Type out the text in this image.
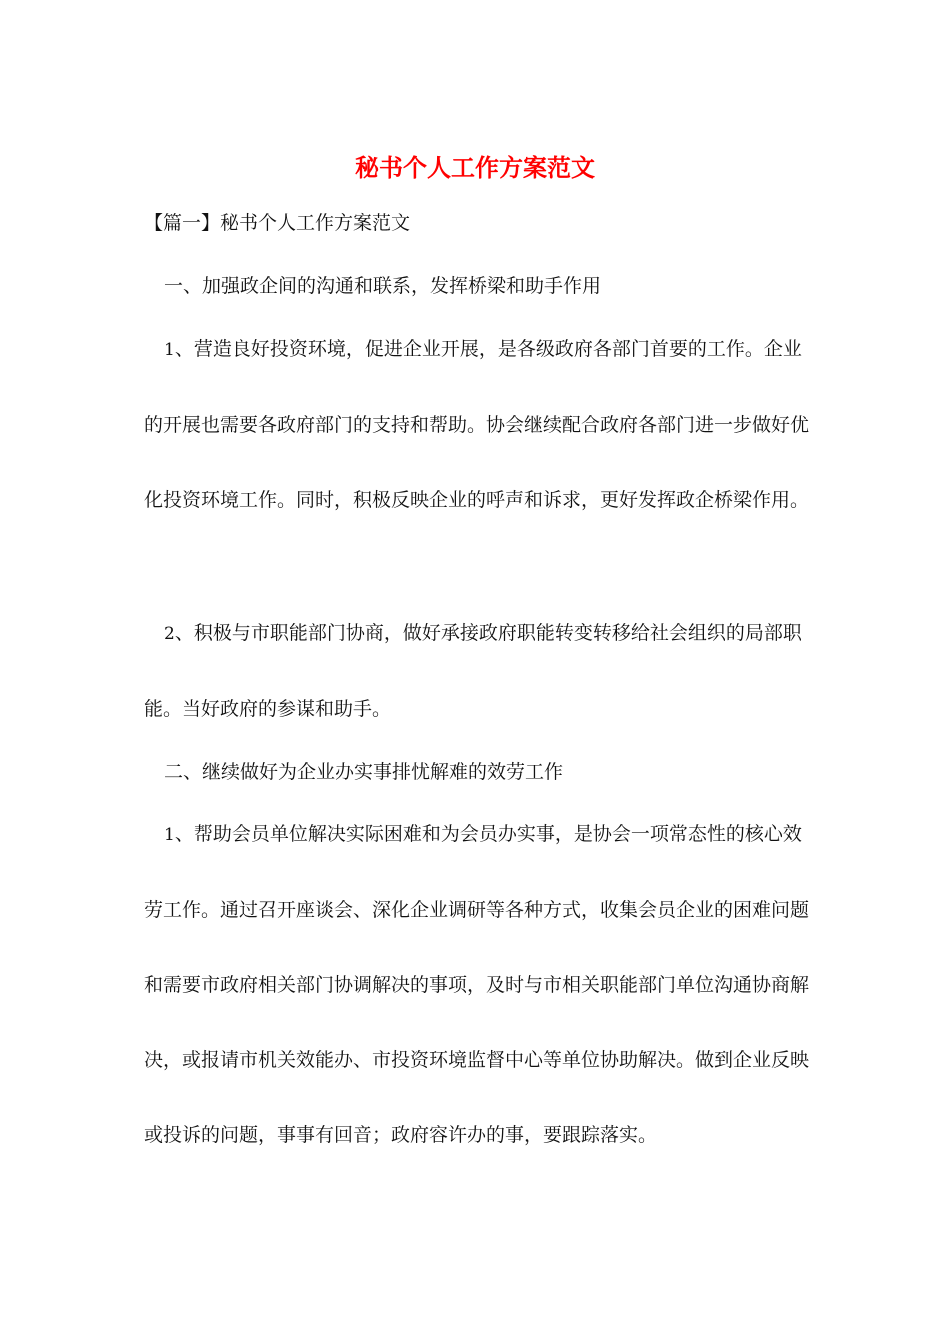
秘书个人工作方案范文

【篇一】秘书个人工作方案范文

一、加强政企间的沟通和联系，发挥桥梁和助手作用

1、营造良好投资环境，促进企业开展，是各级政府各部门首要的工作。企业的开展也需要各政府部门的支持和帮助。协会继续配合政府各部门进一步做好优化投资环境工作。同时，积极反映企业的呼声和诉求，更好发挥政企桥梁作用。

2、积极与市职能部门协商，做好承接政府职能转变转移给社会组织的局部职能。当好政府的参谋和助手。

二、继续做好为企业办实事排忧解难的效劳工作

1、帮助会员单位解决实际困难和为会员办实事，是协会一项常态性的核心效劳工作。通过召开座谈会、深化企业调研等各种方式，收集会员企业的困难问题和需要市政府相关部门协调解决的事项，及时与市相关职能部门单位沟通协商解决，或报请市机关效能办、市投资环境监督中心等单位协助解决。做到企业反映或投诉的问题，事事有回音；政府容许办的事，要跟踪落实。
